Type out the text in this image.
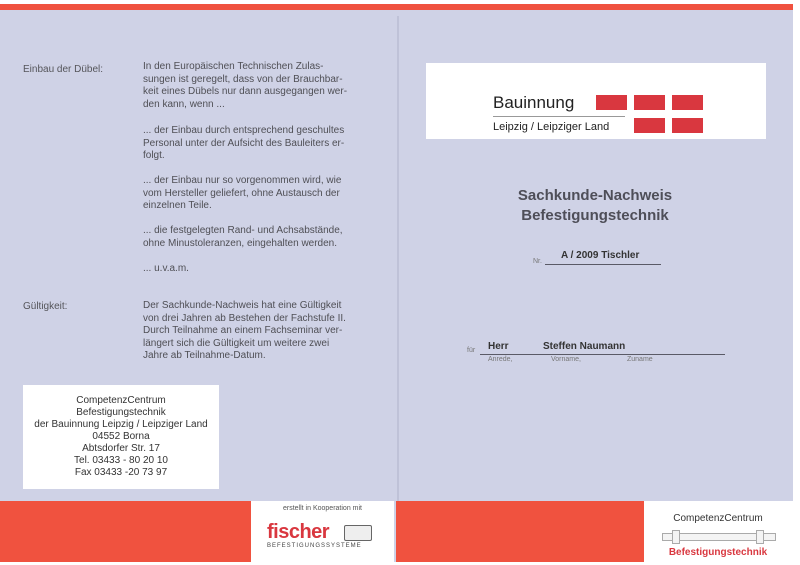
Einbau der Dübel:	In den Europäischen Technischen Zulas-
sungen ist geregelt, dass von der Brauchbar-
keit eines Dübels nur dann ausgegangen wer-
den kann, wenn ...
... der Einbau durch entsprechend geschultes
Personal unter der Aufsicht des Bauleiters er-
folgt.
... der Einbau nur so vorgenommen wird, wie
vom Hersteller geliefert, ohne Austausch der
einzelnen Teile.
... die festgelegten Rand- und Achsabstände,
ohne Minustoleranzen, eingehalten werden.
... u.v.a.m.
Gültigkeit:	Der Sachkunde-Nachweis hat eine Gültigkeit
von drei Jahren ab Bestehen der Fachstufe II.
Durch Teilnahme an einem Fachseminar ver-
längert sich die Gültigkeit um weitere zwei
Jahre ab Teilnahme-Datum.
CompetenzCentrum
Befestigungstechnik
der Bauinnung Leipzig / Leipziger Land
04552 Borna
Abtsdorfer Str. 17
Tel. 03433 - 80 20 10
Fax 03433 -20 73 97
Bauinnung
Leipzig / Leipziger Land
Sachkunde-Nachweis
Befestigungstechnik
Nr.
A / 2009 Tischler
für Herr	Steffen Naumann
Anrede,	Vorname,	Zuname
erstellt in Kooperation mit
fischer
BEFESTIGUNGSSYSTEME
CompetenzCentrum
Befestigungstechnik
